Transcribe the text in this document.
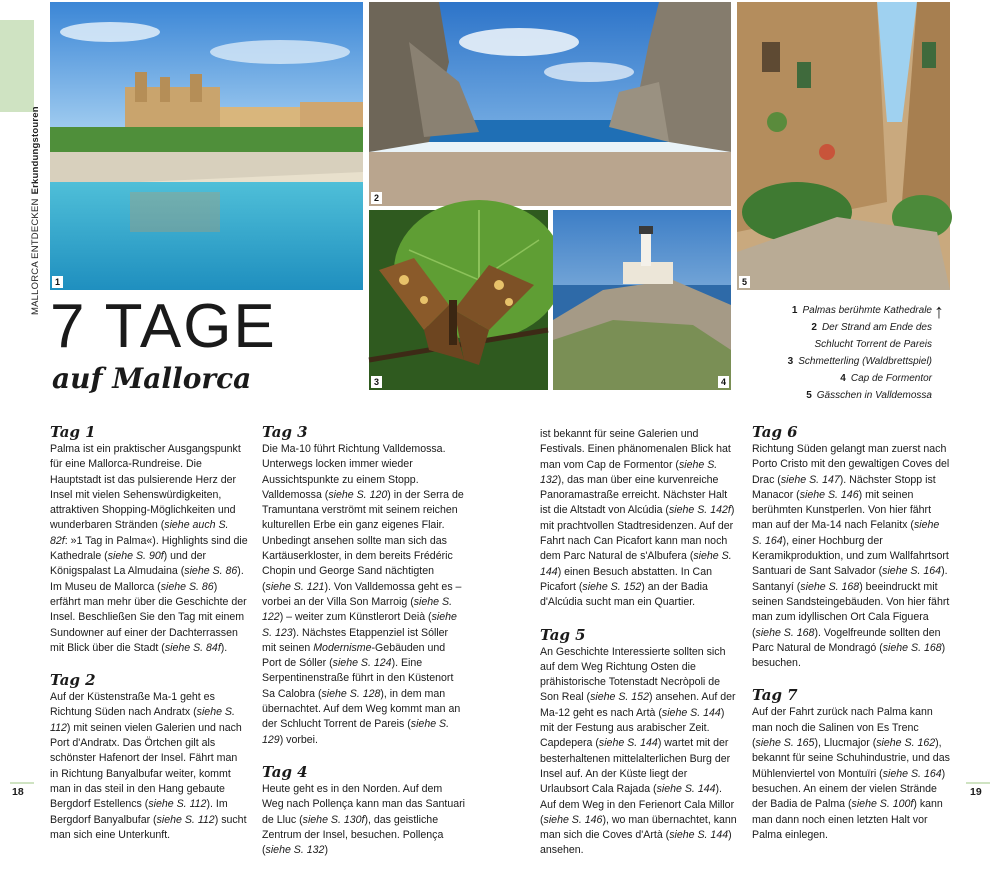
MALLORCA ENTDECKENErkundungstouren
1
2
3	4
5
7 TAGE
auf Mallorca
1 Palmas berühmte Kathedrale
2 Der Strand am Ende des Schlucht Torrent de Pareis
3 Schmetterling (Waldbrettspiel)
4 Cap de Formentor
5 Gässchen in Valldemossa
↑
Tag 1

Palma ist ein praktischer Ausgangspunkt für eine Mallorca-Rundreise. Die Hauptstadt ist das pulsierende Herz der Insel mit vielen Sehenswürdigkeiten, attraktiven Shopping-Möglichkeiten und wunderbaren Stränden (siehe auch S. 82f: »1 Tag in Palma«). Highlights sind die Kathedrale (siehe S. 90f) und der Königspalast La Almudaina (siehe S. 86). Im Museu de Mallorca (siehe S. 86) erfährt man mehr über die Geschichte der Insel. Beschließen Sie den Tag mit einem Sundowner auf einer der Dachterrassen mit Blick über die Stadt (siehe S. 84f).

Tag 2

Auf der Küstenstraße Ma-1 geht es Richtung Süden nach Andratx (siehe S. 112) mit seinen vielen Galerien und nach Port d'Andratx. Das Örtchen gilt als schönster Hafenort der Insel. Fährt man in Richtung Banyalbufar weiter, kommt man in das steil in den Hang gebaute Bergdorf Estellencs (siehe S. 112). Im Bergdorf Banyalbufar (siehe S. 112) sucht man sich eine Unterkunft.

Tag 3

Die Ma-10 führt Richtung Valldemossa. Unterwegs locken immer wieder Aussichtspunkte zu einem Stopp. Valldemossa (siehe S. 120) in der Serra de Tramuntana verströmt mit seinem reichen kulturellen Erbe ein ganz eigenes Flair. Unbedingt ansehen sollte man sich das Kartäuserkloster, in dem bereits Frédéric Chopin und George Sand nächtigten (siehe S. 121). Von Valldemossa geht es – vorbei an der Villa Son Marroig (siehe S. 122) – weiter zum Künstlerort Deià (siehe S. 123). Nächstes Etappenziel ist Sóller mit seinen Modernisme-Gebäuden und Port de Sóller (siehe S. 124). Eine Serpentinenstraße führt in den Küstenort Sa Calobra (siehe S. 128), in dem man übernachtet. Auf dem Weg kommt man an der Schlucht Torrent de Pareis (siehe S. 129) vorbei.

Tag 4

Heute geht es in den Norden. Auf dem Weg nach Pollença kann man das Santuari de Lluc (siehe S. 130f), das geistliche Zentrum der Insel, besuchen. Pollença (siehe S. 132)

ist bekannt für seine Galerien und Festivals. Einen phänomenalen Blick hat man vom Cap de Formentor (siehe S. 132), das man über eine kurvenreiche Panoramastraße erreicht. Nächster Halt ist die Altstadt von Alcúdia (siehe S. 142f) mit prachtvollen Stadtresidenzen. Auf der Fahrt nach Can Picafort kann man noch dem Parc Natural de s'Albufera (siehe S. 144) einen Besuch abstatten. In Can Picafort (siehe S. 152) an der Badia d'Alcúdia sucht man ein Quartier.

Tag 5

An Geschichte Interessierte sollten sich auf dem Weg Richtung Osten die prähistorische Totenstadt Necròpoli de Son Real (siehe S. 152) ansehen. Auf der Ma-12 geht es nach Artà (siehe S. 144) mit der Festung aus arabischer Zeit. Capdepera (siehe S. 144) wartet mit der besterhaltenen mittelalterlichen Burg der Insel auf. An der Küste liegt der Urlaubsort Cala Rajada (siehe S. 144). Auf dem Weg in den Ferienort Cala Millor (siehe S. 146), wo man übernachtet, kann man sich die Coves d'Artà (siehe S. 144) ansehen.

Tag 6

Richtung Süden gelangt man zuerst nach Porto Cristo mit den gewaltigen Coves del Drac (siehe S. 147). Nächster Stopp ist Manacor (siehe S. 146) mit seinen berühmten Kunstperlen. Von hier fährt man auf der Ma-14 nach Felanitx (siehe S. 164), einer Hochburg der Keramikproduktion, und zum Wallfahrtsort Santuari de Sant Salvador (siehe S. 164). Santanyí (siehe S. 168) beeindruckt mit seinen Sandsteingebäuden. Von hier fährt man zum idyllischen Ort Cala Figuera (siehe S. 168). Vogelfreunde sollten den Parc Natural de Mondragó (siehe S. 168) besuchen.

Tag 7

Auf der Fahrt zurück nach Palma kann man noch die Salinen von Es Trenc (siehe S. 165), Llucmajor (siehe S. 162), bekannt für seine Schuhindustrie, und das Mühlenviertel von Montuïri (siehe S. 164) besuchen. An einem der vielen Strände der Badia de Palma (siehe S. 100f) kann man dann noch einen letzten Halt vor Palma einlegen.

18	19
